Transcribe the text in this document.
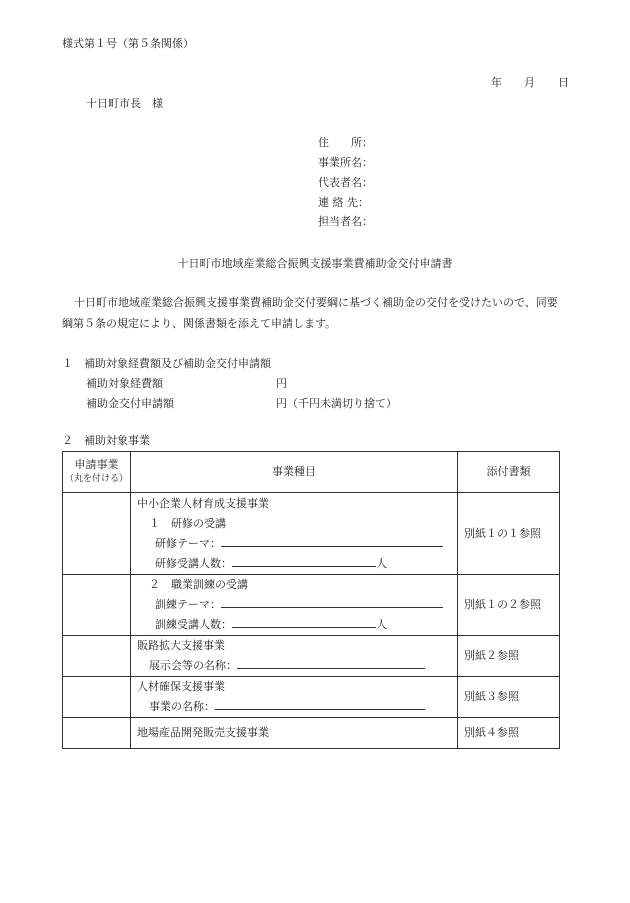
様式第１号（第５条関係）
年 月 日
十日町市長　様
住　　所：
事業所名：
代表者名：
連 絡 先：
担当者名：
十日町市地域産業総合振興支援事業費補助金交付申請書
十日町市地域産業総合振興支援事業費補助金交付要綱に基づく補助金の交付を受けたいので、同要
綱第５条の規定により、関係書類を添えて申請します。
１　補助対象経費額及び補助金交付申請額
補助対象経費額	円
補助金交付申請額	円（千円未満切り捨て）
２　補助対象事業
申請事業
（丸を付ける）	事業種目	添付書類

	中小企業人材育成支援事業
１　研修の受講
研修テーマ：
研修受講人数： 人	別紙１の１参照

	２　職業訓練の受講
訓練テーマ：
訓練受講人数： 人	別紙１の２参照

	販路拡大支援事業
展示会等の名称：	別紙２参照

	人材確保支援事業
事業の名称：	別紙３参照
	地場産品開発販売支援事業	別紙４参照
